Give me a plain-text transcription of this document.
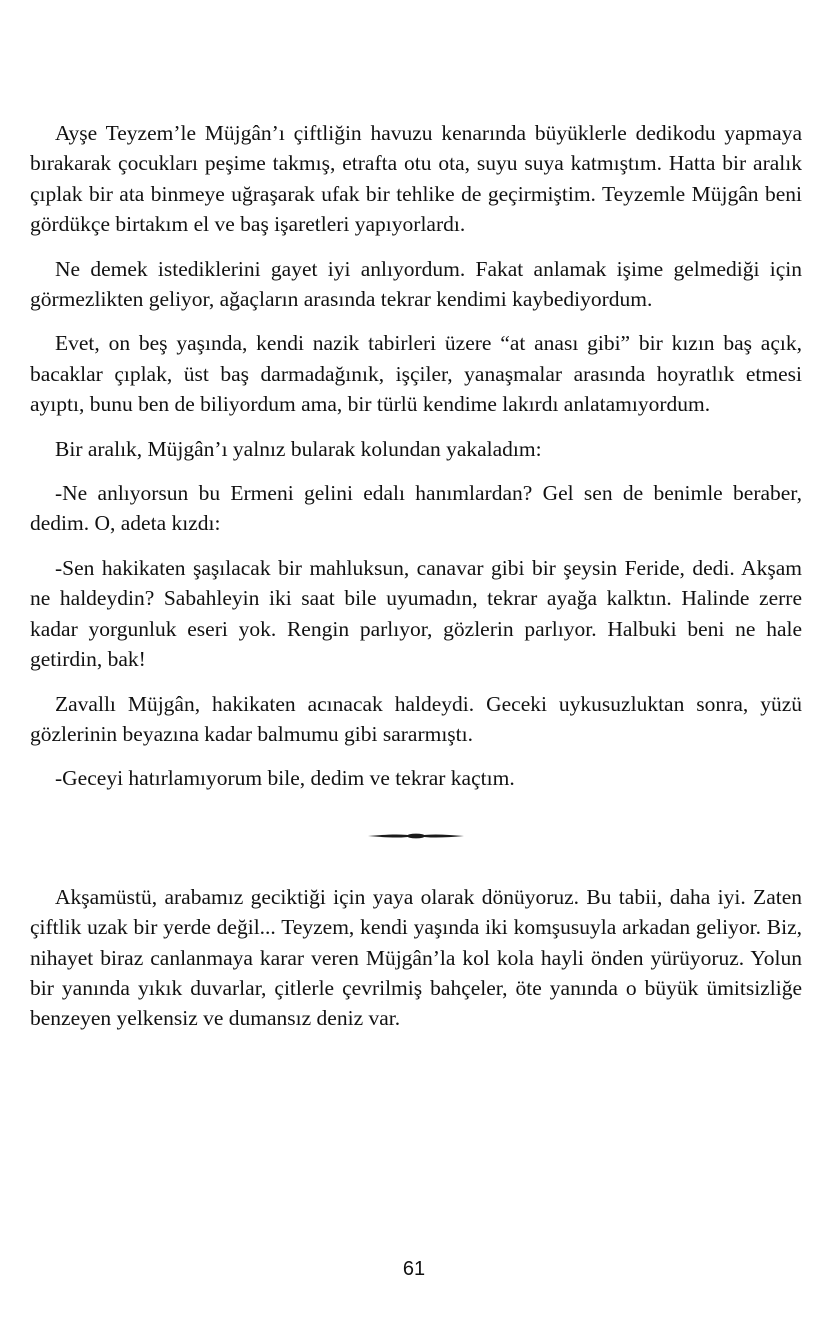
Ayşe Teyzem’le Müjgân’ı çiftliğin havuzu kenarında büyüklerle dedikodu yapmaya bırakarak çocukları peşime takmış, etrafta otu ota, suyu suya katmıştım. Hatta bir aralık çıplak bir ata binmeye uğraşarak ufak bir tehlike de geçirmiştim. Teyzemle Müjgân beni gördükçe birtakım el ve baş işaretleri yapıyorlardı.

Ne demek istediklerini gayet iyi anlıyordum. Fakat anlamak işime gelmediği için görmezlikten geliyor, ağaçların arasında tekrar kendimi kaybediyordum.

Evet, on beş yaşında, kendi nazik tabirleri üzere “at anası gibi” bir kızın baş açık, bacaklar çıplak, üst baş darmadağınık, işçiler, yanaşmalar arasında hoyratlık etmesi ayıptı, bunu ben de biliyordum ama, bir türlü kendime lakırdı anlatamıyordum.

Bir aralık, Müjgân’ı yalnız bularak kolundan yakaladım:

-Ne anlıyorsun bu Ermeni gelini edalı hanımlardan? Gel sen de benimle beraber, dedim. O, adeta kızdı:

-Sen hakikaten şaşılacak bir mahluksun, canavar gibi bir şeysin Feride, dedi. Akşam ne haldeydin? Sabahleyin iki saat bile uyumadın, tekrar ayağa kalktın. Halinde zerre kadar yorgunluk eseri yok. Rengin parlıyor, gözlerin parlıyor. Halbuki beni ne hale getirdin, bak!

Zavallı Müjgân, hakikaten acınacak haldeydi. Geceki uykusuzluktan sonra, yüzü gözlerinin beyazına kadar balmumu gibi sararmıştı.

-Geceyi hatırlamıyorum bile, dedim ve tekrar kaçtım.

Akşamüstü, arabamız geciktiği için yaya olarak dönüyoruz. Bu tabii, daha iyi. Zaten çiftlik uzak bir yerde değil... Teyzem, kendi yaşında iki komşusuyla arkadan geliyor. Biz, nihayet biraz canlanmaya karar veren Müjgân’la kol kola hayli önden yürüyoruz. Yolun bir yanında yıkık duvarlar, çitlerle çevrilmiş bahçeler, öte yanında o büyük ümitsizliğe benzeyen yelkensiz ve dumansız deniz var.

61
